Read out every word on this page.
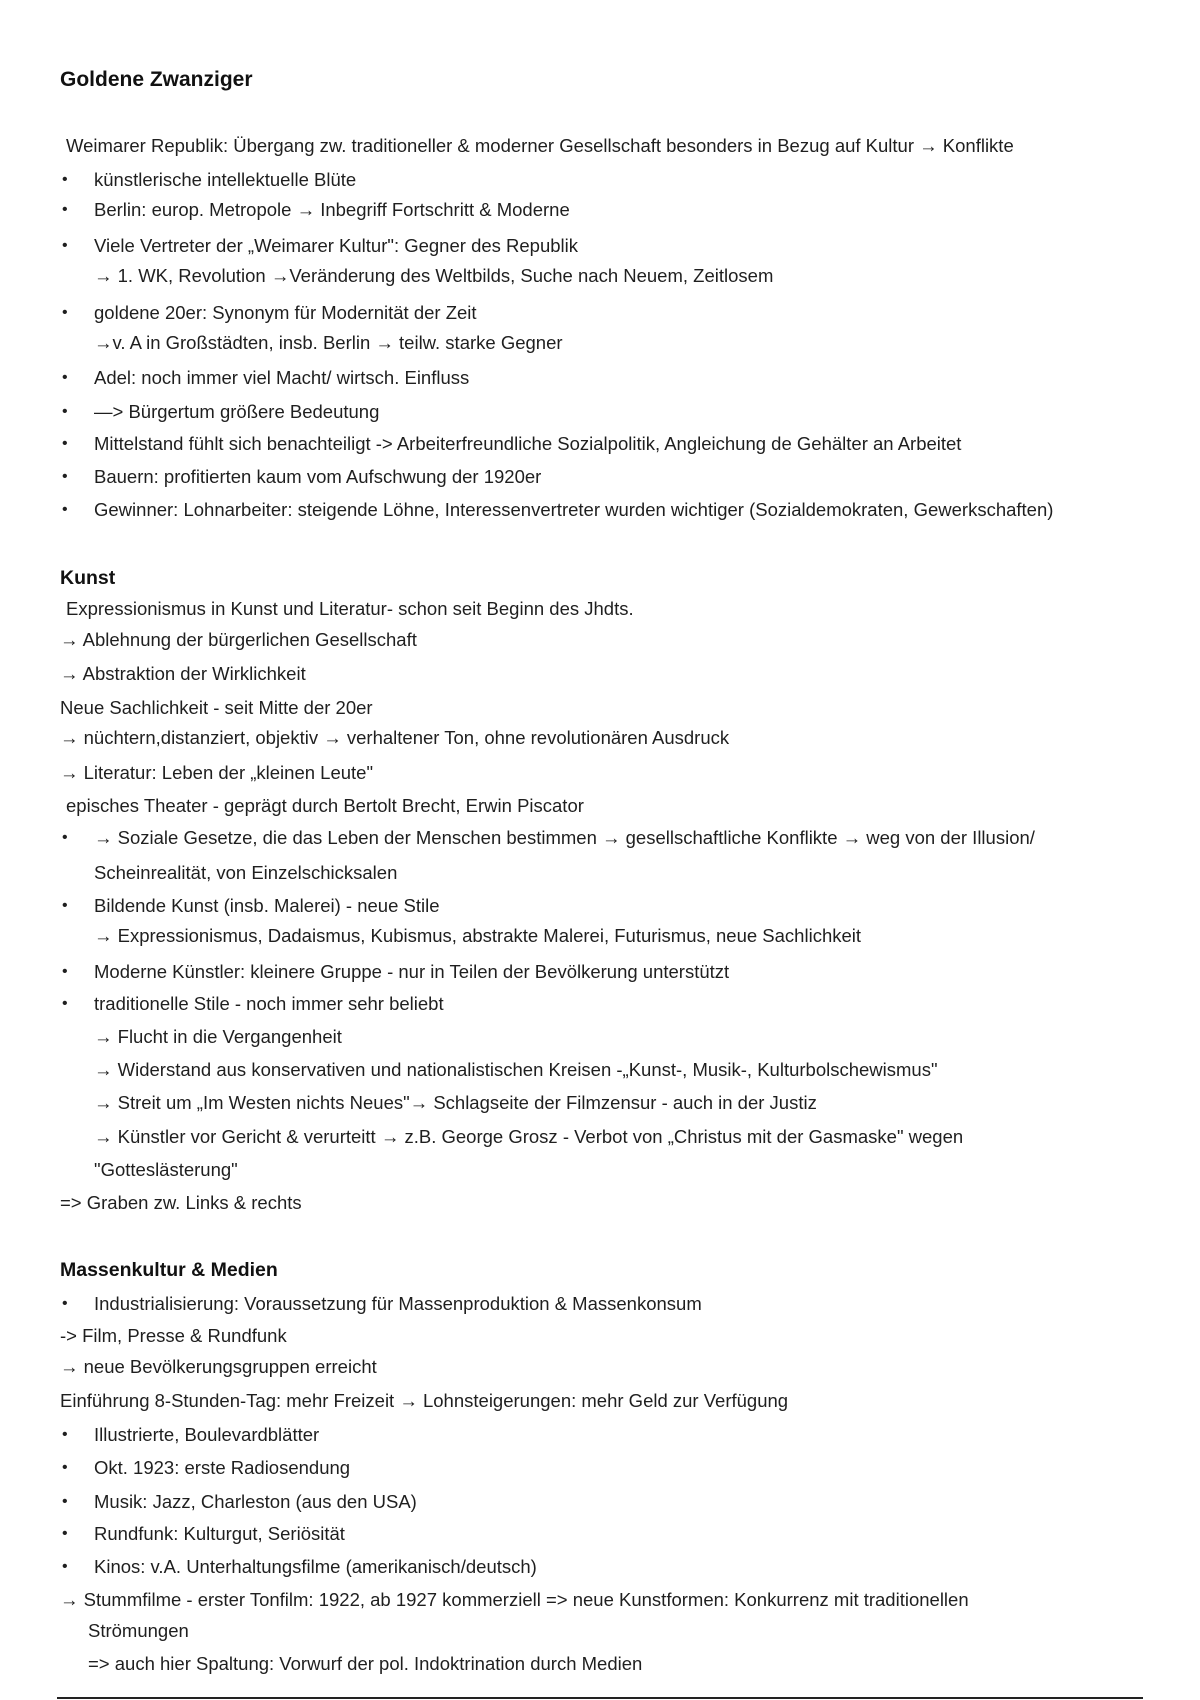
Goldene Zwanziger
Weimarer Republik: Übergang zw. traditioneller & moderner Gesellschaft besonders in Bezug auf Kultur → Konflikte
• künstlerische intellektuelle Blüte
• Berlin: europ. Metropole → Inbegriff Fortschritt & Moderne
• Viele Vertreter der „Weimarer Kultur": Gegner des Republik
→ 1. WK, Revolution →Veränderung des Weltbilds, Suche nach Neuem, Zeitlosem
• goldene 20er: Synonym für Modernität der Zeit
→v. A in Großstädten, insb. Berlin → teilw. starke Gegner
• Adel: noch immer viel Macht/ wirtsch. Einfluss
• —> Bürgertum größere Bedeutung
• Mittelstand fühlt sich benachteiligt -> Arbeiterfreundliche Sozialpolitik, Angleichung de Gehälter an Arbeitet
• Bauern: profitierten kaum vom Aufschwung der 1920er
• Gewinner: Lohnarbeiter: steigende Löhne, Interessenvertreter wurden wichtiger (Sozialdemokraten, Gewerkschaften)
Kunst
Expressionismus in Kunst und Literatur- schon seit Beginn des Jhdts.
→ Ablehnung der bürgerlichen Gesellschaft
→ Abstraktion der Wirklichkeit
Neue Sachlichkeit - seit Mitte der 20er
→ nüchtern,distanziert, objektiv → verhaltener Ton, ohne revolutionären Ausdruck
→ Literatur: Leben der „kleinen Leute"
episches Theater - geprägt durch Bertolt Brecht, Erwin Piscator
• → Soziale Gesetze, die das Leben der Menschen bestimmen → gesellschaftliche Konflikte → weg von der Illusion/
Scheinrealität, von Einzelschicksalen
• Bildende Kunst (insb. Malerei) - neue Stile
→ Expressionismus, Dadaismus, Kubismus, abstrakte Malerei, Futurismus, neue Sachlichkeit
• Moderne Künstler: kleinere Gruppe - nur in Teilen der Bevölkerung unterstützt
• traditionelle Stile - noch immer sehr beliebt
→ Flucht in die Vergangenheit
→ Widerstand aus konservativen und nationalistischen Kreisen -„Kunst-, Musik-, Kulturbolschewismus"
→ Streit um „Im Westen nichts Neues"→ Schlagseite der Filmzensur - auch in der Justiz
→ Künstler vor Gericht & verurteitt → z.B. George Grosz - Verbot von „Christus mit der Gasmaske" wegen
"Gotteslästerung"
=> Graben zw. Links & rechts
Massenkultur & Medien
• Industrialisierung: Voraussetzung für Massenproduktion & Massenkonsum
-> Film, Presse & Rundfunk
→ neue Bevölkerungsgruppen erreicht
Einführung 8-Stunden-Tag: mehr Freizeit → Lohnsteigerungen: mehr Geld zur Verfügung
• Illustrierte, Boulevardblätter
• Okt. 1923: erste Radiosendung
• Musik: Jazz, Charleston (aus den USA)
• Rundfunk: Kulturgut, Seriösität
• Kinos: v.A. Unterhaltungsfilme (amerikanisch/deutsch)
→ Stummfilme - erster Tonfilm: 1922, ab 1927 kommerziell => neue Kunstformen: Konkurrenz mit traditionellen
Strömungen
=> auch hier Spaltung: Vorwurf der pol. Indoktrination durch Medien
